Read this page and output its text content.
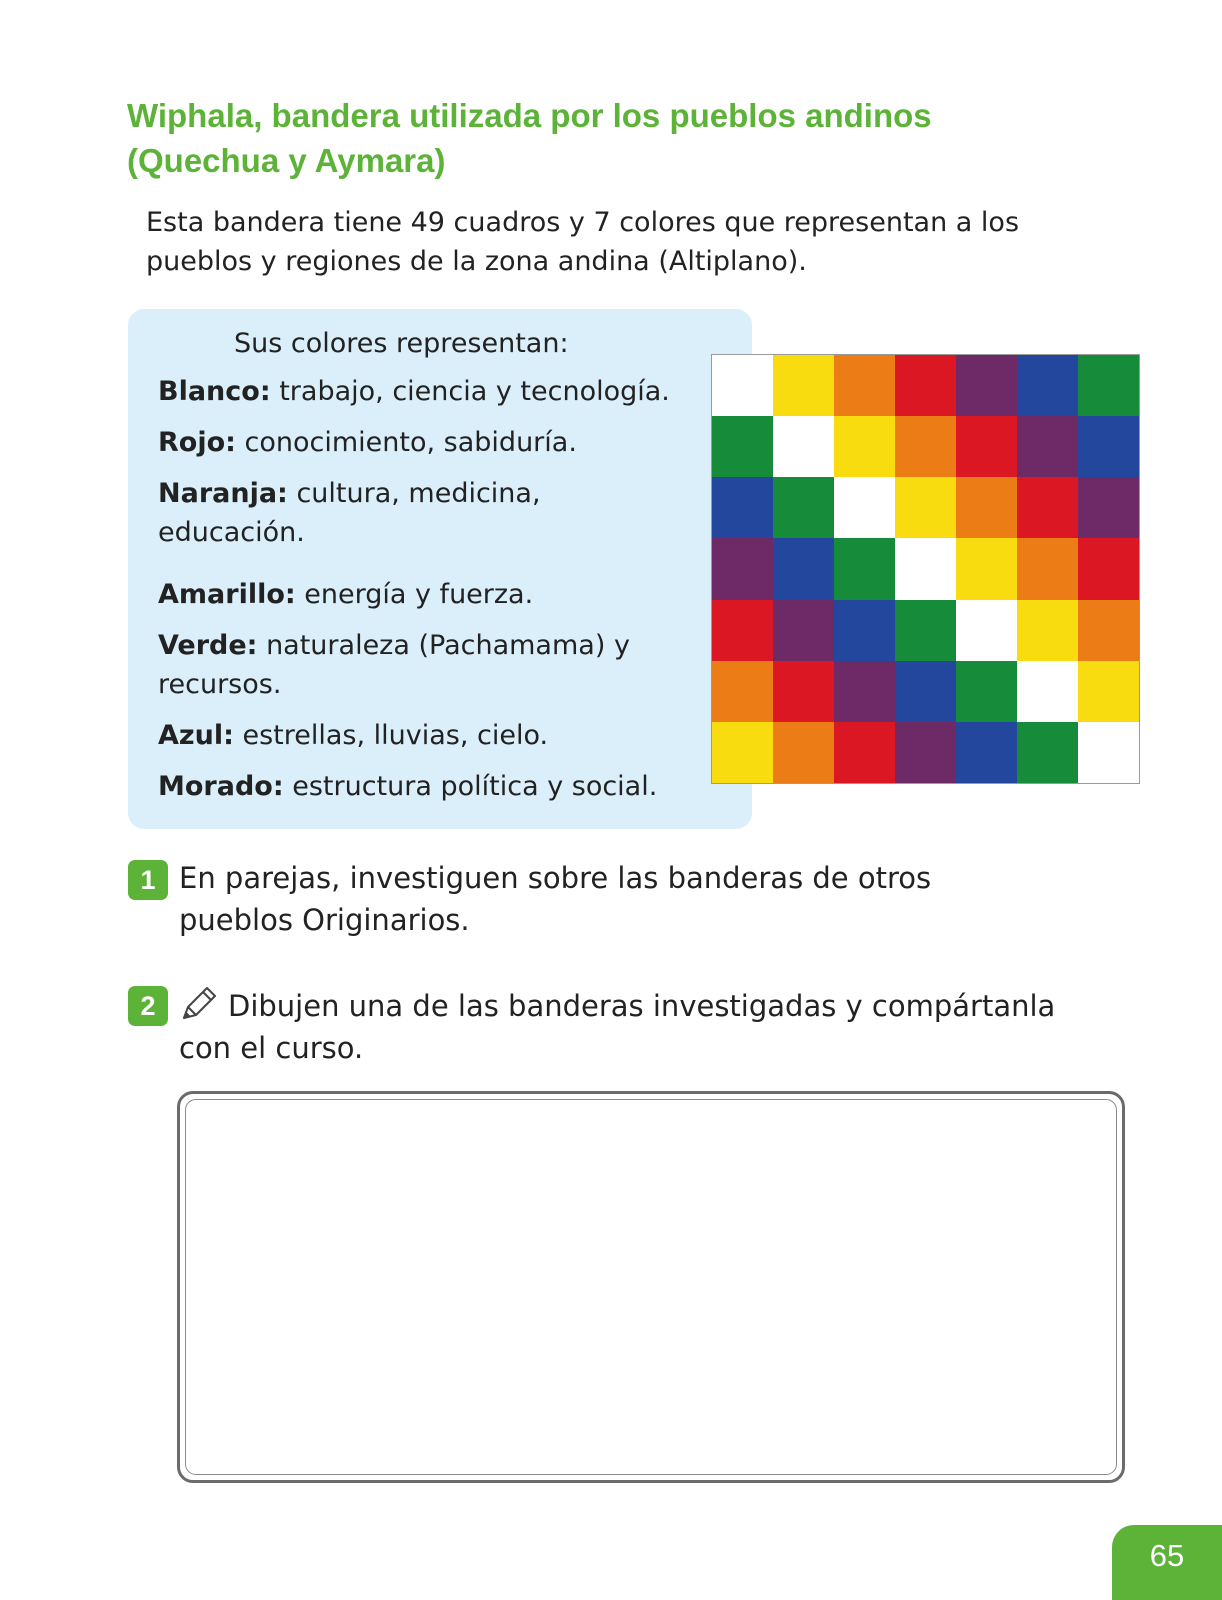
Wiphala, bandera utilizada por los pueblos andinos
(Quechua y Aymara)
Esta bandera tiene 49 cuadros y 7 colores que representan a los
pueblos y regiones de la zona andina (Altiplano).
Sus colores representan:
Blanco: trabajo, ciencia y tecnología.
Rojo: conocimiento, sabiduría.
Naranja: cultura, medicina, educación.
Amarillo: energía y fuerza.
Verde: naturaleza (Pachamama) y recursos.
Azul: estrellas, lluvias, cielo.
Morado: estructura política y social.
1 En parejas, investiguen sobre las banderas de otros
pueblos Originarios.
2	Dibujen una de las banderas investigadas y compártanla
con el curso.
65
